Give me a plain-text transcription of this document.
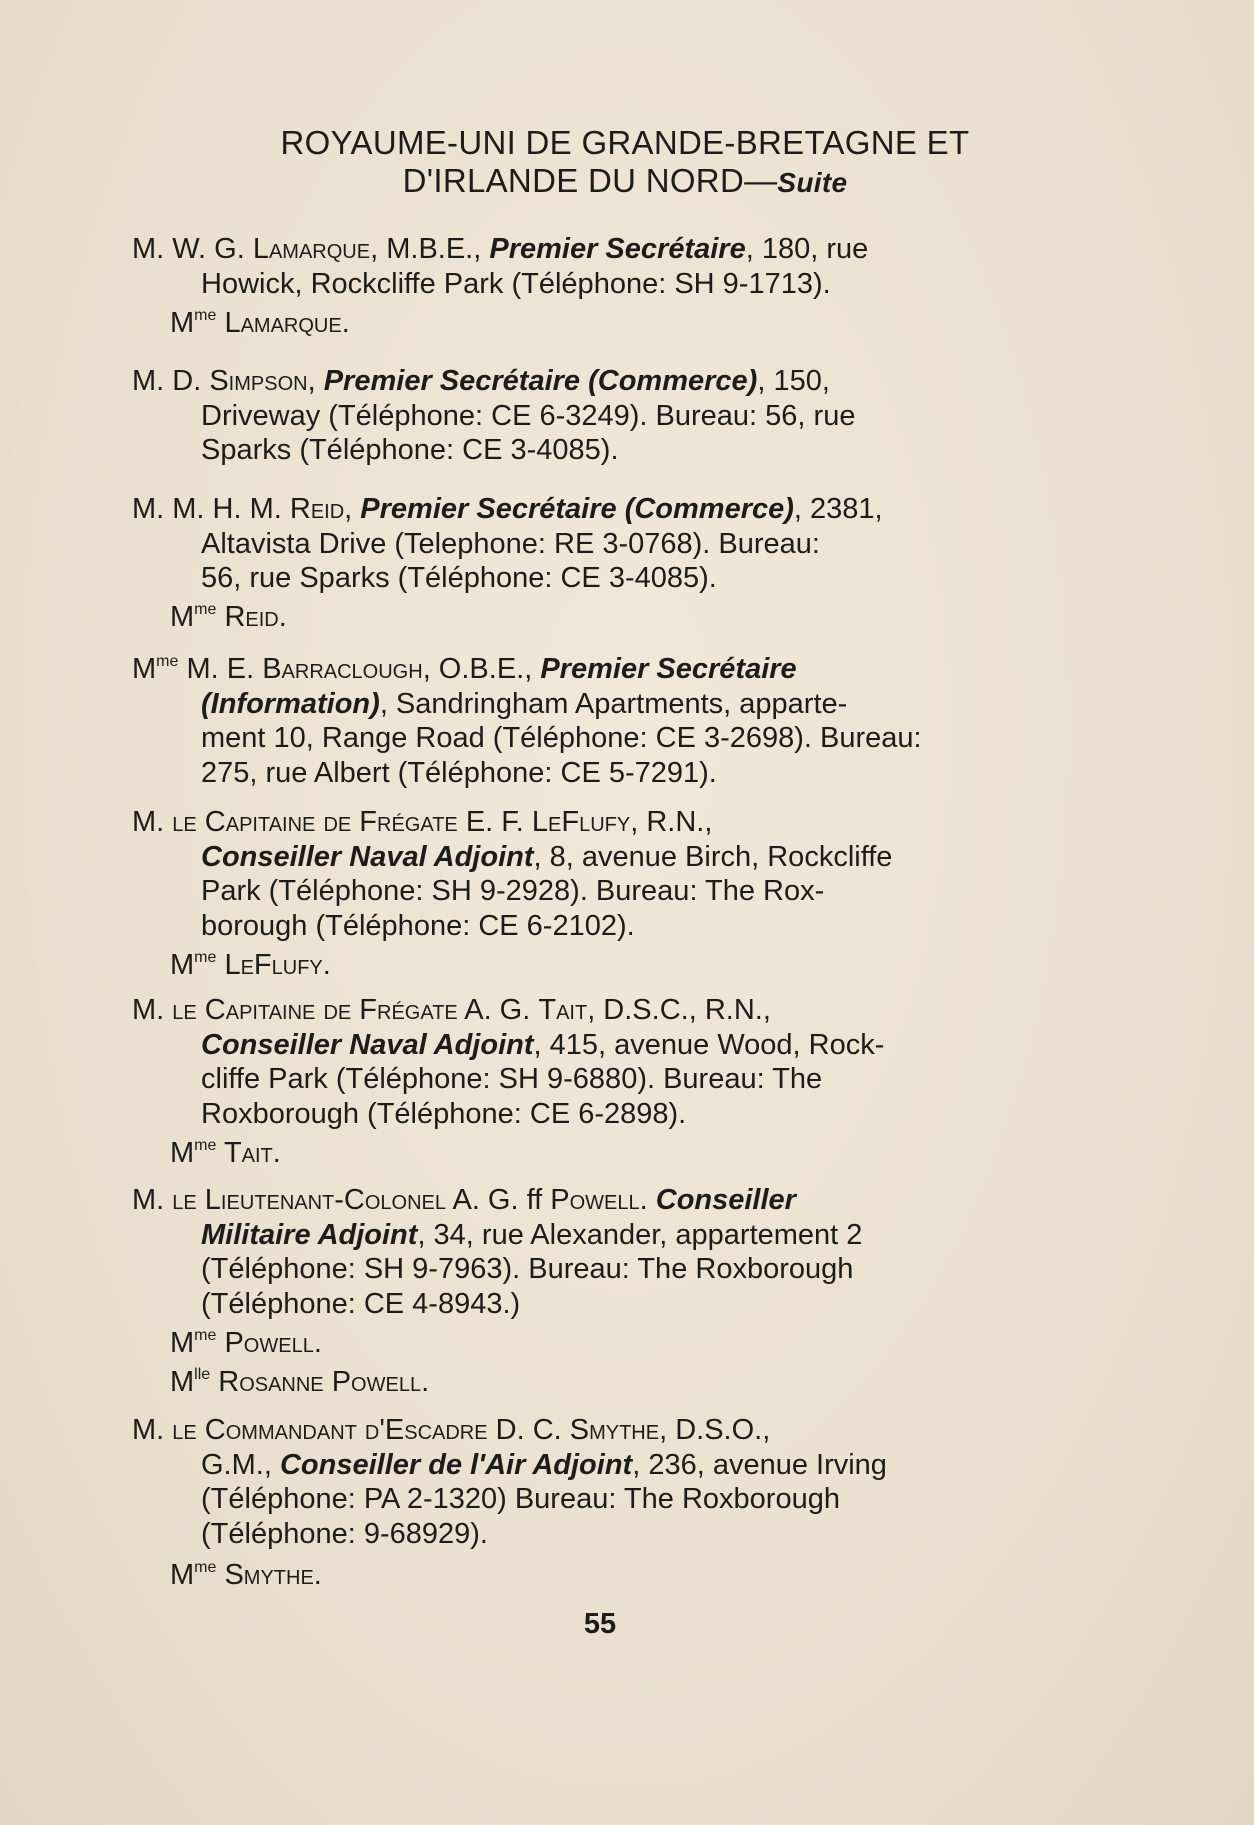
ROYAUME-UNI DE GRANDE-BRETAGNE ET
D'IRLANDE DU NORD—Suite
M. W. G. Lamarque, M.B.E., Premier Secrétaire, 180, rue
Howick, Rockcliffe Park (Téléphone: SH 9-1713).
$M^{me}$ Lamarque.
M. D. Simpson, Premier Secrétaire (Commerce), 150,
Driveway (Téléphone: CE 6-3249). Bureau: 56, rue
Sparks (Téléphone: CE 3-4085).
M. M. H. M. Reid, Premier Secrétaire (Commerce), 2381,
Altavista Drive (Telephone: RE 3-0768). Bureau:
56, rue Sparks (Téléphone: CE 3-4085).
$M^{me}$ Reid.
$M^{me}$ M. E. Barraclough, O.B.E., Premier Secrétaire
(Information), Sandringham Apartments, apparte-
ment 10, Range Road (Téléphone: CE 3-2698). Bureau:
275, rue Albert (Téléphone: CE 5-7291).
M. le Capitaine de Frégate E. F. LeFlufy, R.N.,
Conseiller Naval Adjoint, 8, avenue Birch, Rockcliffe
Park (Téléphone: SH 9-2928). Bureau: The Rox-
borough (Téléphone: CE 6-2102).
$M^{me}$ LeFlufy.
M. le Capitaine de Frégate A. G. Tait, D.S.C., R.N.,
Conseiller Naval Adjoint, 415, avenue Wood, Rock-
cliffe Park (Téléphone: SH 9-6880). Bureau: The
Roxborough (Téléphone: CE 6-2898).
$M^{me}$ Tait.
M. le Lieutenant-Colonel A. G. ff Powell. Conseiller
Militaire Adjoint, 34, rue Alexander, appartement 2
(Téléphone: SH 9-7963). Bureau: The Roxborough
(Téléphone: CE 4-8943.)
$M^{me}$ Powell.
$M^{lle}$ Rosanne Powell.
M. le Commandant d'Escadre D. C. Smythe, D.S.O.,
G.M., Conseiller de l'Air Adjoint, 236, avenue Irving
(Téléphone: PA 2-1320) Bureau: The Roxborough
(Téléphone: 9-68929).
$M^{me}$ Smythe.
55
